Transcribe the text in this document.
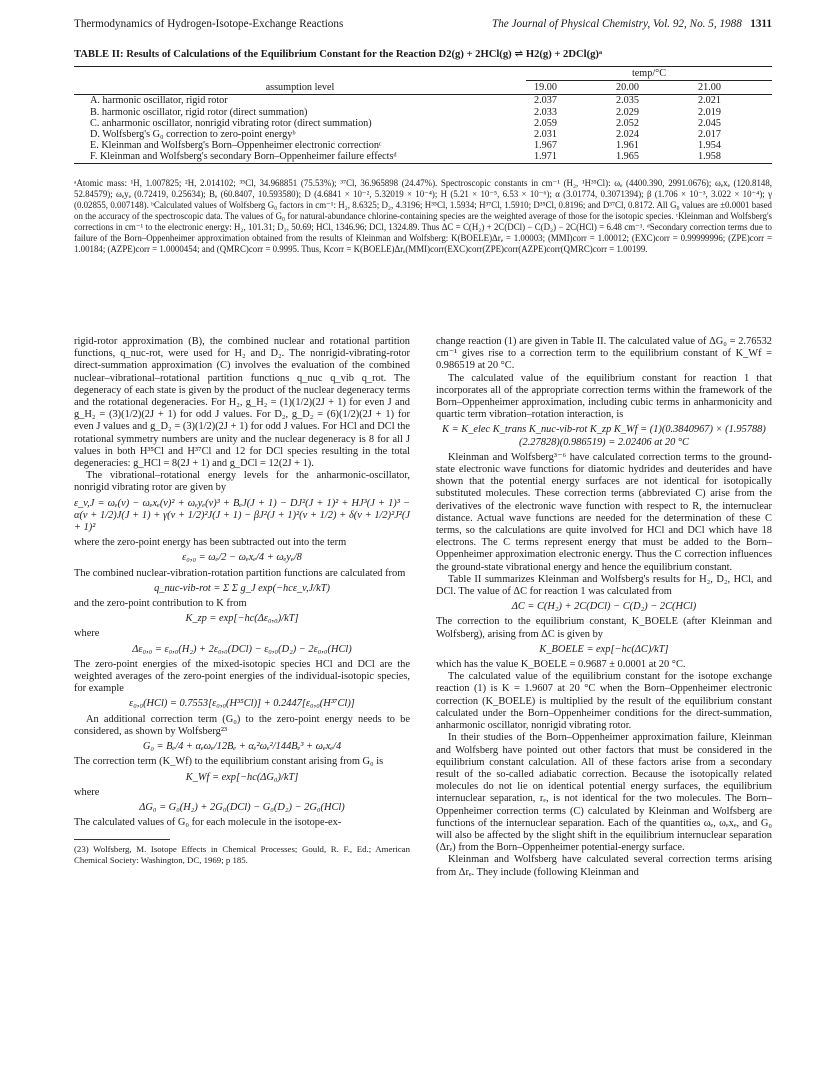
Thermodynamics of Hydrogen-Isotope-Exchange Reactions	The Journal of Physical Chemistry, Vol. 92, No. 5, 1988 1311
TABLE II: Results of Calculations of the Equilibrium Constant for the Reaction D2(g) + 2HCl(g) ⇌ H2(g) + 2DCl(g)ᵃ
	temp/°C		
assumption level	19.00	20.00	21.00
A. harmonic oscillator, rigid rotor	2.037	2.035	2.021
B. harmonic oscillator, rigid rotor (direct summation)	2.033	2.029	2.019
C. anharmonic oscillator, nonrigid vibrating rotor (direct summation)	2.059	2.052	2.045
D. Wolfsberg's G₀ correction to zero-point energyᵇ	2.031	2.024	2.017
E. Kleinman and Wolfsberg's Born–Oppenheimer electronic correctionᶜ	1.967	1.961	1.954
F. Kleinman and Wolfsberg's secondary Born–Oppenheimer failure effectsᵈ	1.971	1.965	1.958
ᵃAtomic mass: ¹H, 1.007825; ²H, 2.014102; ³⁵Cl, 34.968851 (75.53%); ³⁷Cl, 36.965898 (24.47%). Spectroscopic constants in cm⁻¹ (H₂, ¹H³⁵Cl): ωₑ (4400.390, 2991.0676); ωₑxₑ (120.8148, 52.84579); ωₑyₑ (0.72419, 0.25634); Bₑ (60.8407, 10.593580); D (4.6841 × 10⁻², 5.32019 × 10⁻⁴); H (5.21 × 10⁻⁵, 6.53 × 10⁻⁶); α (3.01774, 0.3071394); β (1.706 × 10⁻³, 3.022 × 10⁻⁴); γ (0.02855, 0.007148). ᵇCalculated values of Wolfsberg G₀ factors in cm⁻¹: H₂, 8.6325; D₂, 4.3196; H³⁵Cl, 1.5934; H³⁷Cl, 1.5910; D³⁵Cl, 0.8196; and D³⁷Cl, 0.8172. All G₀ values are ±0.0001 based on the accuracy of the spectroscopic data. The values of G₀ for natural-abundance chlorine-containing species are the weighted average of those for the isotopic species. ᶜKleinman and Wolfsberg's corrections in cm⁻¹ to the electronic energy: H₂, 101.31; D₂, 50.69; HCl, 1346.96; DCl, 1324.89. Thus ΔC = C(H₂) + 2C(DCl) − C(D₂) − 2C(HCl) = 6.48 cm⁻¹. ᵈSecondary correction terms due to failure of the Born–Oppenheimer approximation obtained from the results of Kleinman and Wolfsberg: K(BOELE)Δrₑ = 1.00003; (MMI)corr = 1.00012; (EXC)corr = 0.99999996; (ZPE)corr = 1.00184; (AZPE)corr = 1.0000454; and (QMRC)corr = 0.9995. Thus, Kcorr = K(BOELE)Δrₑ(MMI)corr(EXC)corr(ZPE)corr(AZPE)corr(QMRC)corr = 1.00199.

rigid-rotor approximation (B), the combined nuclear and rotational partition functions, q_nuc-rot, were used for H₂ and D₂. The nonrigid-vibrating-rotor direct-summation approximation (C) involves the evaluation of the combined nuclear–vibrational–rotational partition functions q_nuc q_vib q_rot. The degeneracy of each state is given by the product of the nuclear degeneracy terms and the rotational degeneracies. For H₂, g_H₂ = (1)(1/2)(2J + 1) for even J and g_H₂ = (3)(1/2)(2J + 1) for odd J values. For D₂, g_D₂ = (6)(1/2)(2J + 1) for even J values and g_D₂ = (3)(1/2)(2J + 1) for odd J values. For HCl and DCl the rotational symmetry numbers are unity and the nuclear degeneracy is 8 for all J values in both H³⁵Cl and H³⁷Cl and 12 for DCl species resulting in the total degeneracies: g_HCl = 8(2J + 1) and g_DCl = 12(2J + 1).

The vibrational–rotational energy levels for the anharmonic-oscillator, nonrigid vibrating rotor are given by

ε_v,J = ωₑ(v) − ωₑxₑ(v)² + ωₑyₑ(v)³ + BₑJ(J + 1) − DJ²(J + 1)² + HJ³(J + 1)³ − α(v + 1/2)J(J + 1) + γ(v + 1/2)²J(J + 1) − βJ²(J + 1)²(v + 1/2) + δ(v + 1/2)²J²(J + 1)²

where the zero-point energy has been subtracted out into the term

ε₀,₀ = ωₑ/2 − ωₑxₑ/4 + ωₑyₑ/8

The combined nuclear-vibration-rotation partition functions are calculated from

q_nuc-vib-rot = Σ Σ g_J exp(−hcε_v,J/kT)

and the zero-point contribution to K from

K_zp = exp[−hc(Δε₀,₀)/kT]

where

Δε₀,₀ = ε₀,₀(H₂) + 2ε₀,₀(DCl) − ε₀,₀(D₂) − 2ε₀,₀(HCl)

The zero-point energies of the mixed-isotopic species HCl and DCl are the weighted averages of the zero-point energies of the individual-isotopic species, for example

ε₀,₀(HCl) = 0.7553[ε₀,₀(H³⁵Cl)] + 0.2447[ε₀,₀(H³⁷Cl)]

An additional correction term (G₀) to the zero-point energy needs to be considered, as shown by Wolfsberg²³

G₀ = Bₑ/4 + αₑωₑ/12Bₑ + αₑ²ωₑ²/144Bₑ³ + ωₑxₑ/4

The correction term (K_Wf) to the equilibrium constant arising from G₀ is

K_Wf = exp[−hc(ΔG₀)/kT]

where

ΔG₀ = G₀(H₂) + 2G₀(DCl) − G₀(D₂) − 2G₀(HCl)

The calculated values of G₀ for each molecule in the isotope-ex-

(23) Wolfsberg, M. Isotope Effects in Chemical Processes; Gould, R. F., Ed.; American Chemical Society: Washington, DC, 1969; p 185.

change reaction (1) are given in Table II. The calculated value of ΔG₀ = 2.76532 cm⁻¹ gives rise to a correction term to the equilibrium constant of K_Wf = 0.986519 at 20 °C.

The calculated value of the equilibrium constant for reaction 1 that incorporates all of the appropriate correction terms within the framework of the Born–Oppenheimer approximation, including cubic terms in anharmonicity and quartic term vibration–rotation interaction, is

K = K_elec K_trans K_nuc-vib-rot K_zp K_Wf = (1)(0.3840967) × (1.95788)(2.27828)(0.986519) = 2.02406 at 20 °C

Kleinman and Wolfsberg³⁻⁶ have calculated correction terms to the ground-state electronic wave functions for diatomic hydrides and deuterides and have shown that the potential energy surfaces are not identical for isotopically substituted molecules. These correction terms (abbreviated C) arise from the derivatives of the electronic wave function with respect to R, the internuclear distance. Actual wave functions are needed for the determination of these C terms, so the calculations are quite involved for HCl and DCl which have 18 electrons. The C terms represent energy that must be added to the Born–Oppenheimer approximation electronic energy. Thus the C correction influences the ground-state vibrational energy and hence the equilibrium constant.

Table II summarizes Kleinman and Wolfsberg's results for H₂, D₂, HCl, and DCl. The value of ΔC for reaction 1 was calculated from

ΔC = C(H₂) + 2C(DCl) − C(D₂) − 2C(HCl)

The correction to the equilibrium constant, K_BOELE (after Kleinman and Wolfsberg), arising from ΔC is given by

K_BOELE = exp[−hc(ΔC)/kT]

which has the value K_BOELE = 0.9687 ± 0.0001 at 20 °C.

The calculated value of the equilibrium constant for the isotope exchange reaction (1) is K = 1.9607 at 20 °C when the Born–Oppenheimer electronic correction (K_BOELE) is multiplied by the result of the equilibrium constant calculated under the Born–Oppenheimer conditions for the direct-summation, anharmonic oscillator, nonrigid vibrating rotor.

In their studies of the Born–Oppenheimer approximation failure, Kleinman and Wolfsberg have pointed out other factors that must be considered in the equilibrium constant calculation. All of these factors arise from a secondary result of the so-called adiabatic correction. Because the isotopically related molecules do not lie on identical potential energy surfaces, the equilibrium internuclear separation, rₑ, is not identical for the two molecules. The Born–Oppenheimer correction terms (C) calculated by Kleinman and Wolfsberg are functions of the internuclear separation. Each of the quantities ωₑ, ωₑxₑ, and G₀ will also be affected by the slight shift in the equilibrium internuclear separation (Δrₑ) from the Born–Oppenheimer potential-energy surface.

Kleinman and Wolfsberg have calculated several correction terms arising from Δrₑ. They include (following Kleinman and
